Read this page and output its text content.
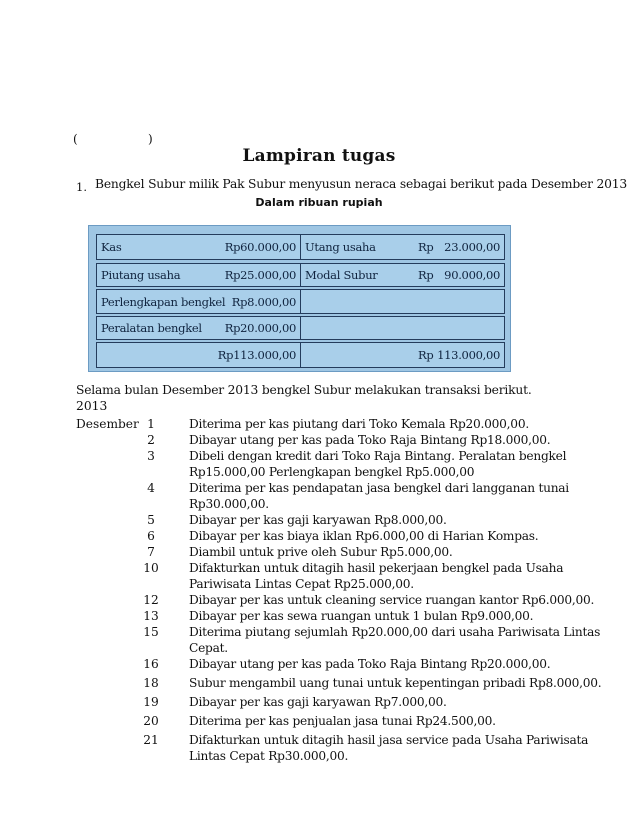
(	)
Lampiran tugas
1. Bengkel Subur milik Pak Subur menyusun neraca sebagai berikut pada Desember 2013
Dalam ribuan rupiah
Kas	Rp60.000,00 Utang usaha	Rp 23.000,00
Piutang usaha	Rp25.000,00 Modal Subur	Rp 90.000,00
Perlengkapan bengkel Rp8.000,00
Peralatan bengkel Rp20.000,00
Rp113.000,00	Rp 113.000,00
Selama bulan Desember 2013 bengkel Subur melakukan transaksi berikut.
2013
Desember 1	Diterima per kas piutang dari Toko Kemala Rp20.000,00.
2	Dibayar utang per kas pada Toko Raja Bintang Rp18.000,00.
3	Dibeli dengan kredit dari Toko Raja Bintang. Peralatan bengkel
Rp15.000,00 Perlengkapan bengkel Rp5.000,00
4	Diterima per kas pendapatan jasa bengkel dari langganan tunai
Rp30.000,00.
5	Dibayar per kas gaji karyawan Rp8.000,00.
6	Dibayar per kas biaya iklan Rp6.000,00 di Harian Kompas.
7	Diambil untuk prive oleh Subur Rp5.000,00.
10	Difakturkan untuk ditagih hasil pekerjaan bengkel pada Usaha
Pariwisata Lintas Cepat Rp25.000,00.
12	Dibayar per kas untuk cleaning service ruangan kantor Rp6.000,00.
13	Dibayar per kas sewa ruangan untuk 1 bulan Rp9.000,00.
15	Diterima piutang sejumlah Rp20.000,00 dari usaha Pariwisata Lintas
Cepat.
16	Dibayar utang per kas pada Toko Raja Bintang Rp20.000,00.
18	Subur mengambil uang tunai untuk kepentingan pribadi Rp8.000,00.
19	Dibayar per kas gaji karyawan Rp7.000,00.
20	Diterima per kas penjualan jasa tunai Rp24.500,00.
21	Difakturkan untuk ditagih hasil jasa service pada Usaha Pariwisata
Lintas Cepat Rp30.000,00.
